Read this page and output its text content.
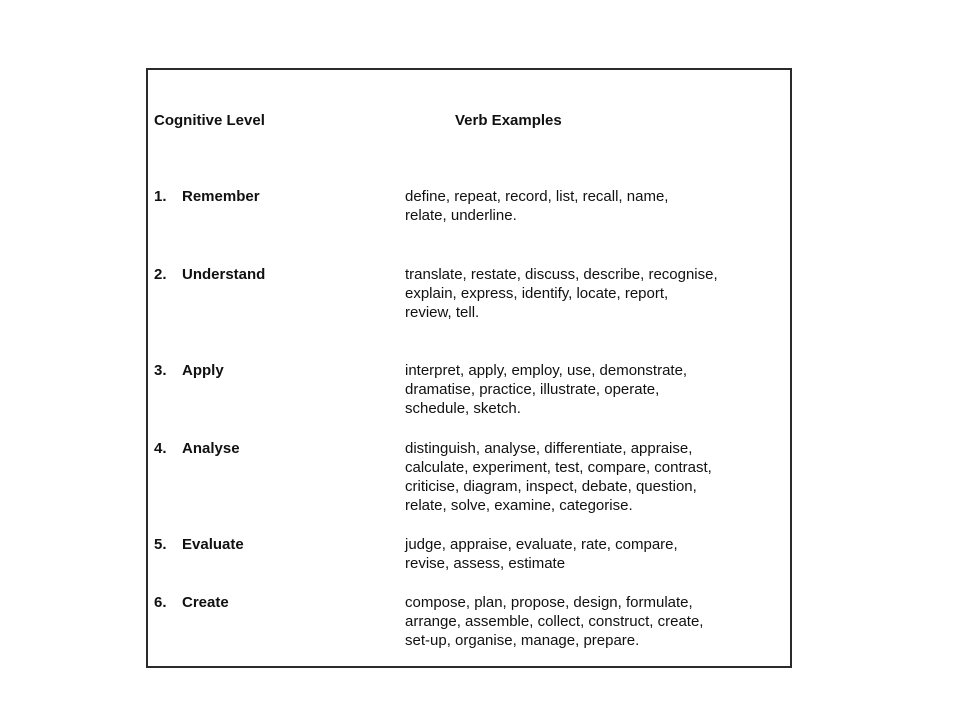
Cognitive Level	Verb Examples
1. Remember	define, repeat, record, list, recall, name,
relate, underline.
2. Understand	translate, restate, discuss, describe, recognise,
explain, express, identify, locate, report,
review, tell.
3. Apply	interpret, apply, employ, use, demonstrate,
dramatise, practice, illustrate, operate,
schedule, sketch.
4. Analyse	distinguish, analyse, differentiate, appraise,
calculate, experiment, test, compare, contrast,
criticise, diagram, inspect, debate, question,
relate, solve, examine, categorise.
5. Evaluate	judge, appraise, evaluate, rate, compare,
revise, assess, estimate
6. Create	compose, plan, propose, design, formulate,
arrange, assemble, collect, construct, create,
set-up, organise, manage, prepare.
